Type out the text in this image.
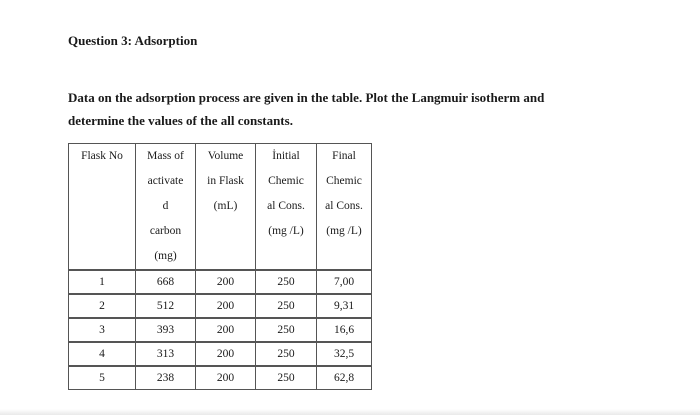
Question 3: Adsorption

Data on the adsorption process are given in the table. Plot the Langmuir isotherm and
determine the values of the all constants.

Flask No	Mass of
activate
d
carbon
(mg)	Volume
in Flask
(mL)	İnitial
Chemic
al Cons.
(mg /L)	Final
Chemic
al Cons.
(mg /L)

1	668	200	250	7,00
2	512	200	250	9,31
3	393	200	250	16,6
4	313	200	250	32,5
5	238	200	250	62,8
